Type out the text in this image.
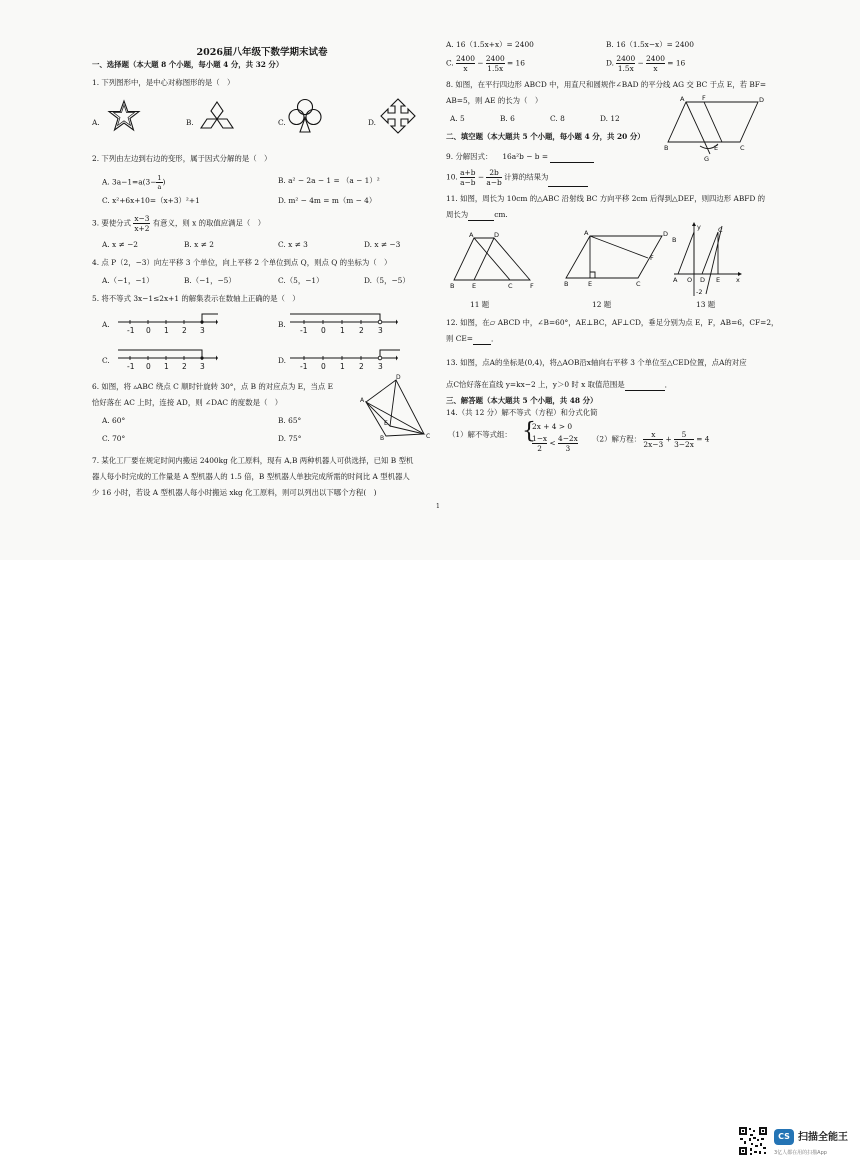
2026届八年级下数学期末试卷
一、选择题（本大题 8 个小题，每小题 4 分，共 32 分）
1. 下列图形中，是中心对称图形的是（　）
A.	B.	C.	D.
2. 下列由左边到右边的变形，属于因式分解的是（　）
A. $3a-1=a(3- \frac{1}{a}$ )	B. a² − 2a − 1 = （a − 1）²
C. x²+6x+10=（x+3）²+1	D. m² − 4m = m（m − 4）
3. 要使分式 $\frac{x-3}{x+2}$ 有意义，则 x 的取值应满足（　）
A. x ≠ −2	B. x ≠ 2	C. x ≠ 3	D. x ≠ −3
4. 点 P（2，−3）向左平移 3 个单位，向上平移 2 个单位到点 Q，则点 Q 的坐标为（　）
A.（−1，−1）	B.（−1，−5）	C.（5，−1）	D.（5，−5）
5. 将不等式 3x−1≤2x+1 的解集表示在数轴上正确的是（　）
A.
-1 0 1 2 3
B.
-1 0 1 2 3
C.
-1 0 1 2 3
D.
-1 0 1 2 3
6. 如图，将 ▵ABC 绕点 C 顺时针旋转 30°，点 B 的对应点为 E，当点 E
恰好落在 AC 上时，连接 AD，则 ∠DAC 的度数是（　）
A. 60°	B. 65°
C. 70°	D. 75°
D
A
E
B	C
7. 某化工厂要在规定时间内搬运 2400kg 化工原料，现有 A,B 两种机器人可供选择，已知 B 型机
器人每小时完成的工作量是 A 型机器人的 1.5 倍，B 型机器人单独完成所需的时间比 A 型机器人
少 16 小时，若设 A 型机器人每小时搬运 xkg 化工原料，则可以列出以下哪个方程(　)
A. 16（1.5x+x）= 2400	B. 16（1.5x−x）= 2400
C. $\frac{2400}{x} - \frac{2400}{1.5x} = 16$	D. $\frac{2400}{1.5x} - \frac{2400}{x} = 16$
8. 如图，在平行四边形 ABCD 中，用直尺和圆规作∠BAD 的平分线 AG 交 BC 于点 E，若 BF=
AB=5，则 AE 的长为（　）
A. 5	B. 6	C. 8	D. 12
A	F	D
B	E	C
G
二、填空题（本大题共 5 个小题，每小题 4 分，共 20 分）
9. 分解因式： 16a²b − b =
10. $\frac{a+b}{a-b} - \frac{2b}{a-b}$ 计算的结果为
11. 如图，周长为 10cm 的△ABC 沿射线 BC 方向平移 2cm 后得到△DEF，则四边形 ABFD 的
周长为	cm.
A	D
B	E	C	F
A	D
B	E	C
F
B
C
A	D
O	x
E
y
-2
11 题	12 题	13 题
12. 如图，在▱ ABCD 中，∠B=60°，AE⊥BC，AF⊥CD，垂足分别为点 E，F，AB=6，CF=2，
则 CE= ．
13. 如图，点A的坐标是(0,4)，将△AOB沿x轴向右平移 3 个单位至△CED位置，点A的对应
点C恰好落在直线 y=kx−2 上，y＞0 时 x 取值范围是	．
三、解答题（本大题共 5 个小题，共 48 分）
14.（共 12 分）解不等式（方程）和分式化简
（1）解不等式组： {
2x + 4 > 0
$\frac{1-x}{2} < \frac{4-2x}{3} (2)$解方程： $\frac{x}{2x-3} + \frac{5}{3-2x} = 4$
1
CS 扫描全能王
3亿人都在用的扫描App
